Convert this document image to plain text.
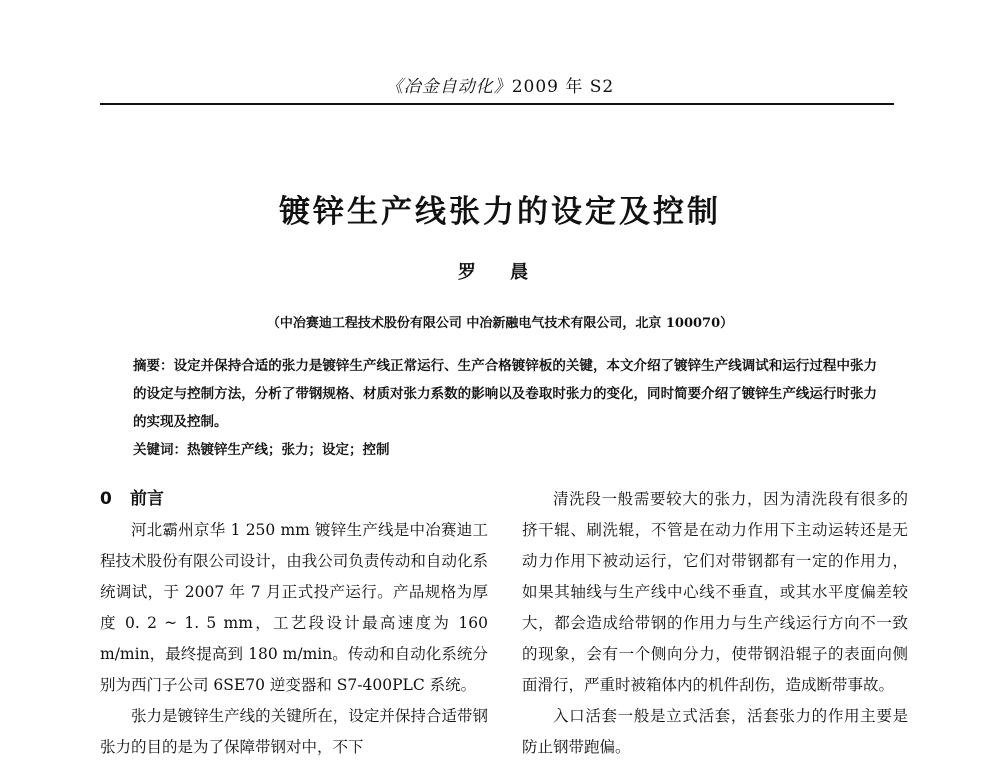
《冶金自动化》2009 年 S2
镀锌生产线张力的设定及控制
罗 晨
（中冶赛迪工程技术股份有限公司 中冶新融电气技术有限公司，北京 100070）

摘要：设定并保持合适的张力是镀锌生产线正常运行、生产合格镀锌板的关键，本文介绍了镀锌生产线调试和运行过程中张力的设定与控制方法，分析了带钢规格、材质对张力系数的影响以及卷取时张力的变化，同时简要介绍了镀锌生产线运行时张力的实现及控制。

关键词：热镀锌生产线；张力；设定；控制

0 前言

河北霸州京华 1 250 mm 镀锌生产线是中冶赛迪工程技术股份有限公司设计，由我公司负责传动和自动化系统调试，于 2007 年 7 月正式投产运行。产品规格为厚度 0. 2 ~ 1. 5 mm，工艺段设计最高速度为 160 m/min，最终提高到 180 m/min。传动和自动化系统分别为西门子公司 6SE70 逆变器和 S7-400PLC 系统。

张力是镀锌生产线的关键所在，设定并保持合适带钢张力的目的是为了保障带钢对中，不下

清洗段一般需要较大的张力，因为清洗段有很多的挤干辊、刷洗辊，不管是在动力作用下主动运转还是无动力作用下被动运行，它们对带钢都有一定的作用力，如果其轴线与生产线中心线不垂直，或其水平度偏差较大，都会造成给带钢的作用力与生产线运行方向不一致的现象，会有一个侧向分力，使带钢沿辊子的表面向侧面滑行，严重时被箱体内的机件刮伤，造成断带事故。

入口活套一般是立式活套，活套张力的作用主要是防止钢带跑偏。
